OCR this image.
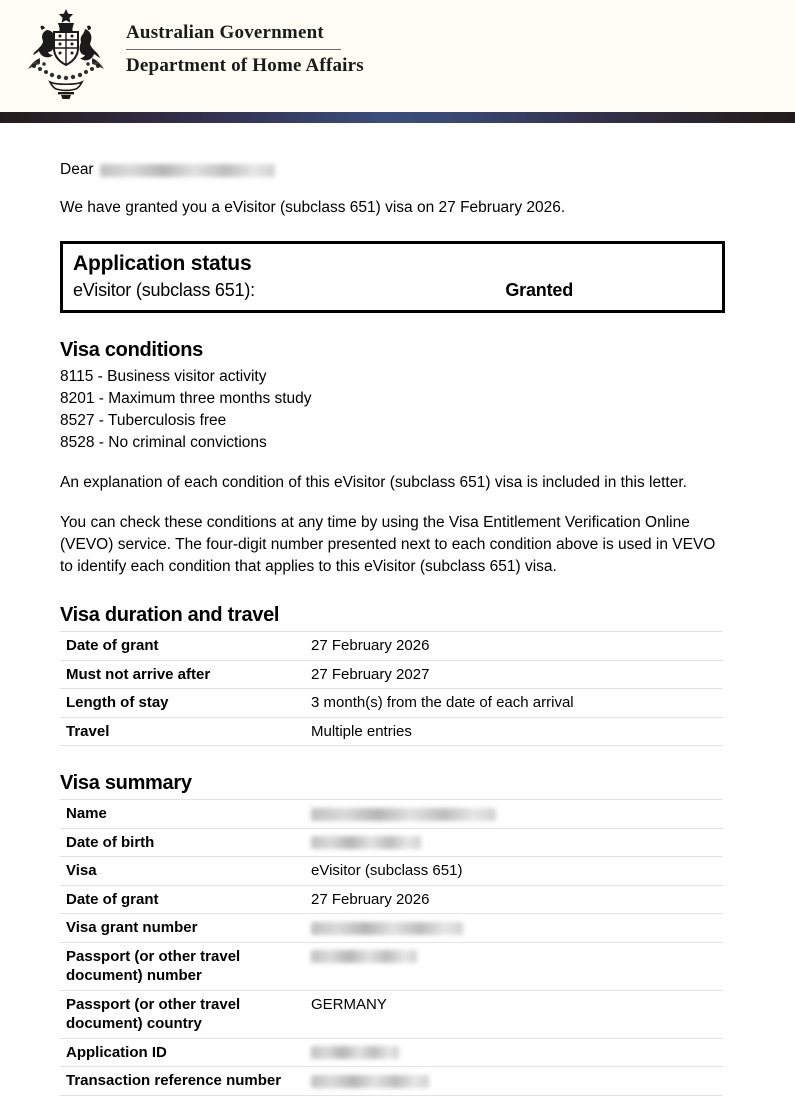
Australian Government
Department of Home Affairs
Dear
We have granted you a eVisitor (subclass 651) visa on 27 February 2026.
Application status
eVisitor (subclass 651):	Granted
Visa conditions
8115 - Business visitor activity
8201 - Maximum three months study
8527 - Tuberculosis free
8528 - No criminal convictions
An explanation of each condition of this eVisitor (subclass 651) visa is included in this letter.
You can check these conditions at any time by using the Visa Entitlement Verification Online (VEVO) service. The four-digit number presented next to each condition above is used in VEVO to identify each condition that applies to this eVisitor (subclass 651) visa.
Visa duration and travel
Date of grant	27 February 2026
Must not arrive after	27 February 2027
Length of stay	3 month(s) from the date of each arrival
Travel	Multiple entries
Visa summary
Name	
Date of birth	
Visa	eVisitor (subclass 651)
Date of grant	27 February 2026
Visa grant number	
Passport (or other travel document) number	
Passport (or other travel document) country	GERMANY
Application ID	
Transaction reference number	
